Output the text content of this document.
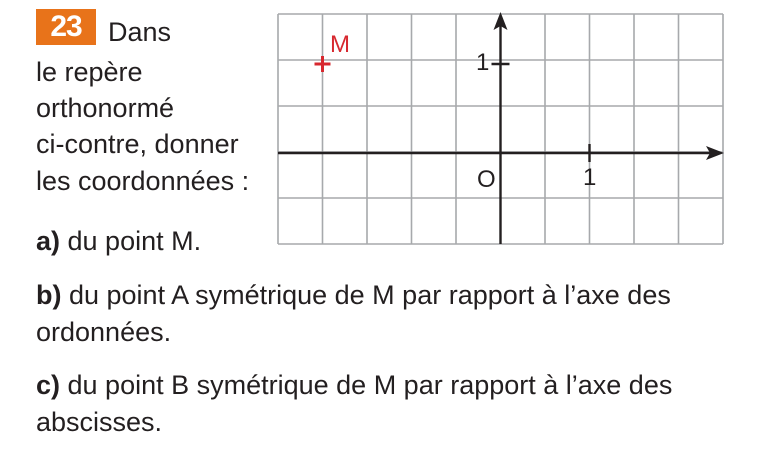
23 Dans
le repère
orthonormé
ci-contre, donner
les coordonnées :
a) du point M.
b) du point A symétrique de M par rapport à l’axe des ordonnées.
c) du point B symétrique de M par rapport à l’axe des abscisses.
1
1
O
M
